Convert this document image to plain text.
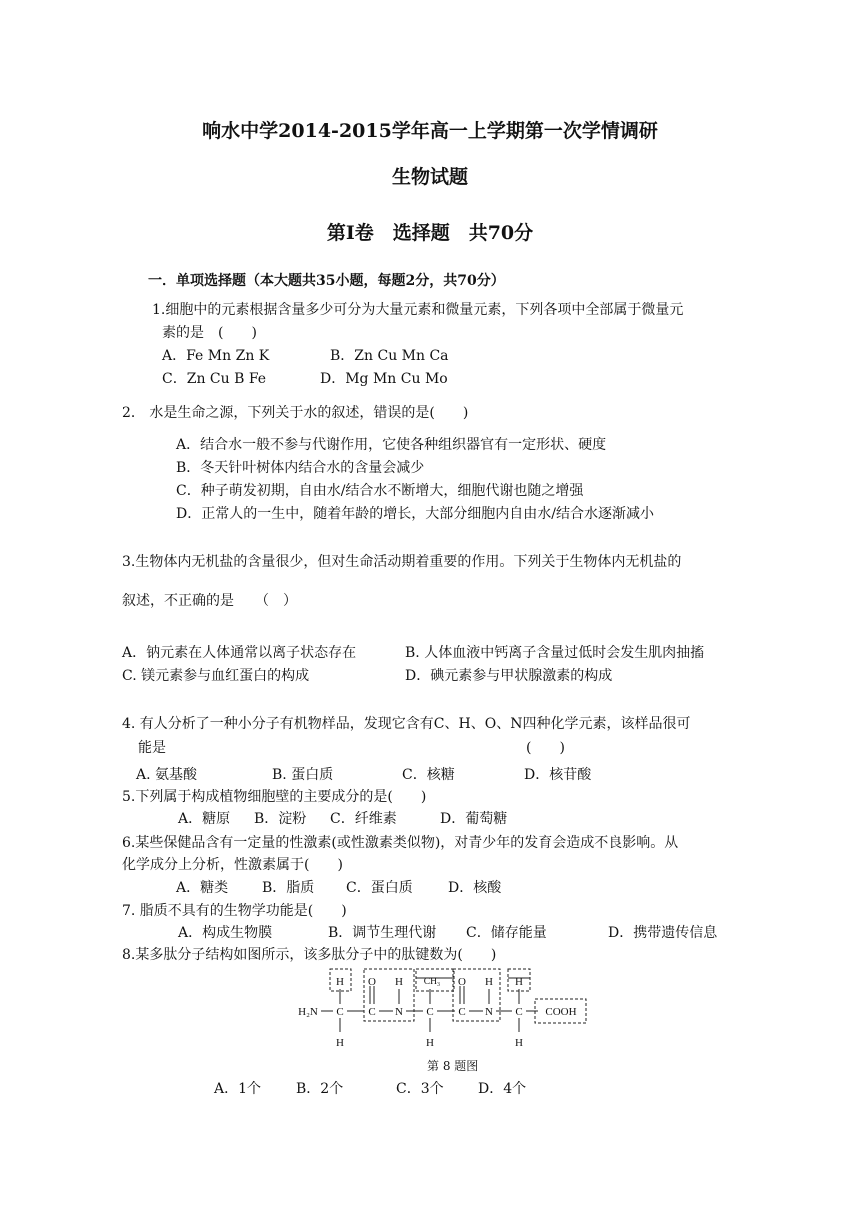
响水中学2014-2015学年高一上学期第一次学情调研
生物试题
第Ⅰ卷　选择题　共70分
一．单项选择题（本大题共35小题，每题2分，共70分）
1.细胞中的元素根据含量多少可分为大量元素和微量元素，下列各项中全部属于微量元
素的是　(　　)
A．Fe Mn Zn K	B．Zn Cu Mn Ca
C．Zn Cu B Fe	D．Mg Mn Cu Mo
2． 水是生命之源，下列关于水的叙述，错误的是(　　)
A．结合水一般不参与代谢作用，它使各种组织器官有一定形状、硬度
B．冬天针叶树体内结合水的含量会减少
C．种子萌发初期，自由水/结合水不断增大，细胞代谢也随之增强
D．正常人的一生中，随着年龄的增长，大部分细胞内自由水/结合水逐渐减小
3.生物体内无机盐的含量很少，但对生命活动期着重要的作用。下列关于生物体内无机盐的
叙述，不正确的是　　（　）
A．钠元素在人体通常以离子状态存在	B. 人体血液中钙离子含量过低时会发生肌肉抽搐
C. 镁元素参与血红蛋白的构成	D．碘元素参与甲状腺激素的构成
4. 有人分析了一种小分子有机物样品，发现它含有C、H、O、N四种化学元素，该样品很可
能是	(　　)
A. 氨基酸	B. 蛋白质	C．核糖	D．核苷酸
5.下列属于构成植物细胞壁的主要成分的是(　　)
A．糖原 B．淀粉 C．纤维素	D．葡萄糖
6.某些保健品含有一定量的性激素(或性激素类似物)，对青少年的发育会造成不良影响。从
化学成分上分析，性激素属于(　　)
A．糖类 B．脂质 C．蛋白质	D．核酸
7. 脂质不具有的生物学功能是(　　)
A．构成生物膜	B．调节生理代谢 C．储存能量	D．携带遗传信息
8.某多肽分子结构如图所示，该多肽分子中的肽键数为(　　)
H O H CH₃ O H H
H₂N C C N C C N C COOH
H	H	H
第 8 题图
A．1个 B．2个	C．3个 D．4个
